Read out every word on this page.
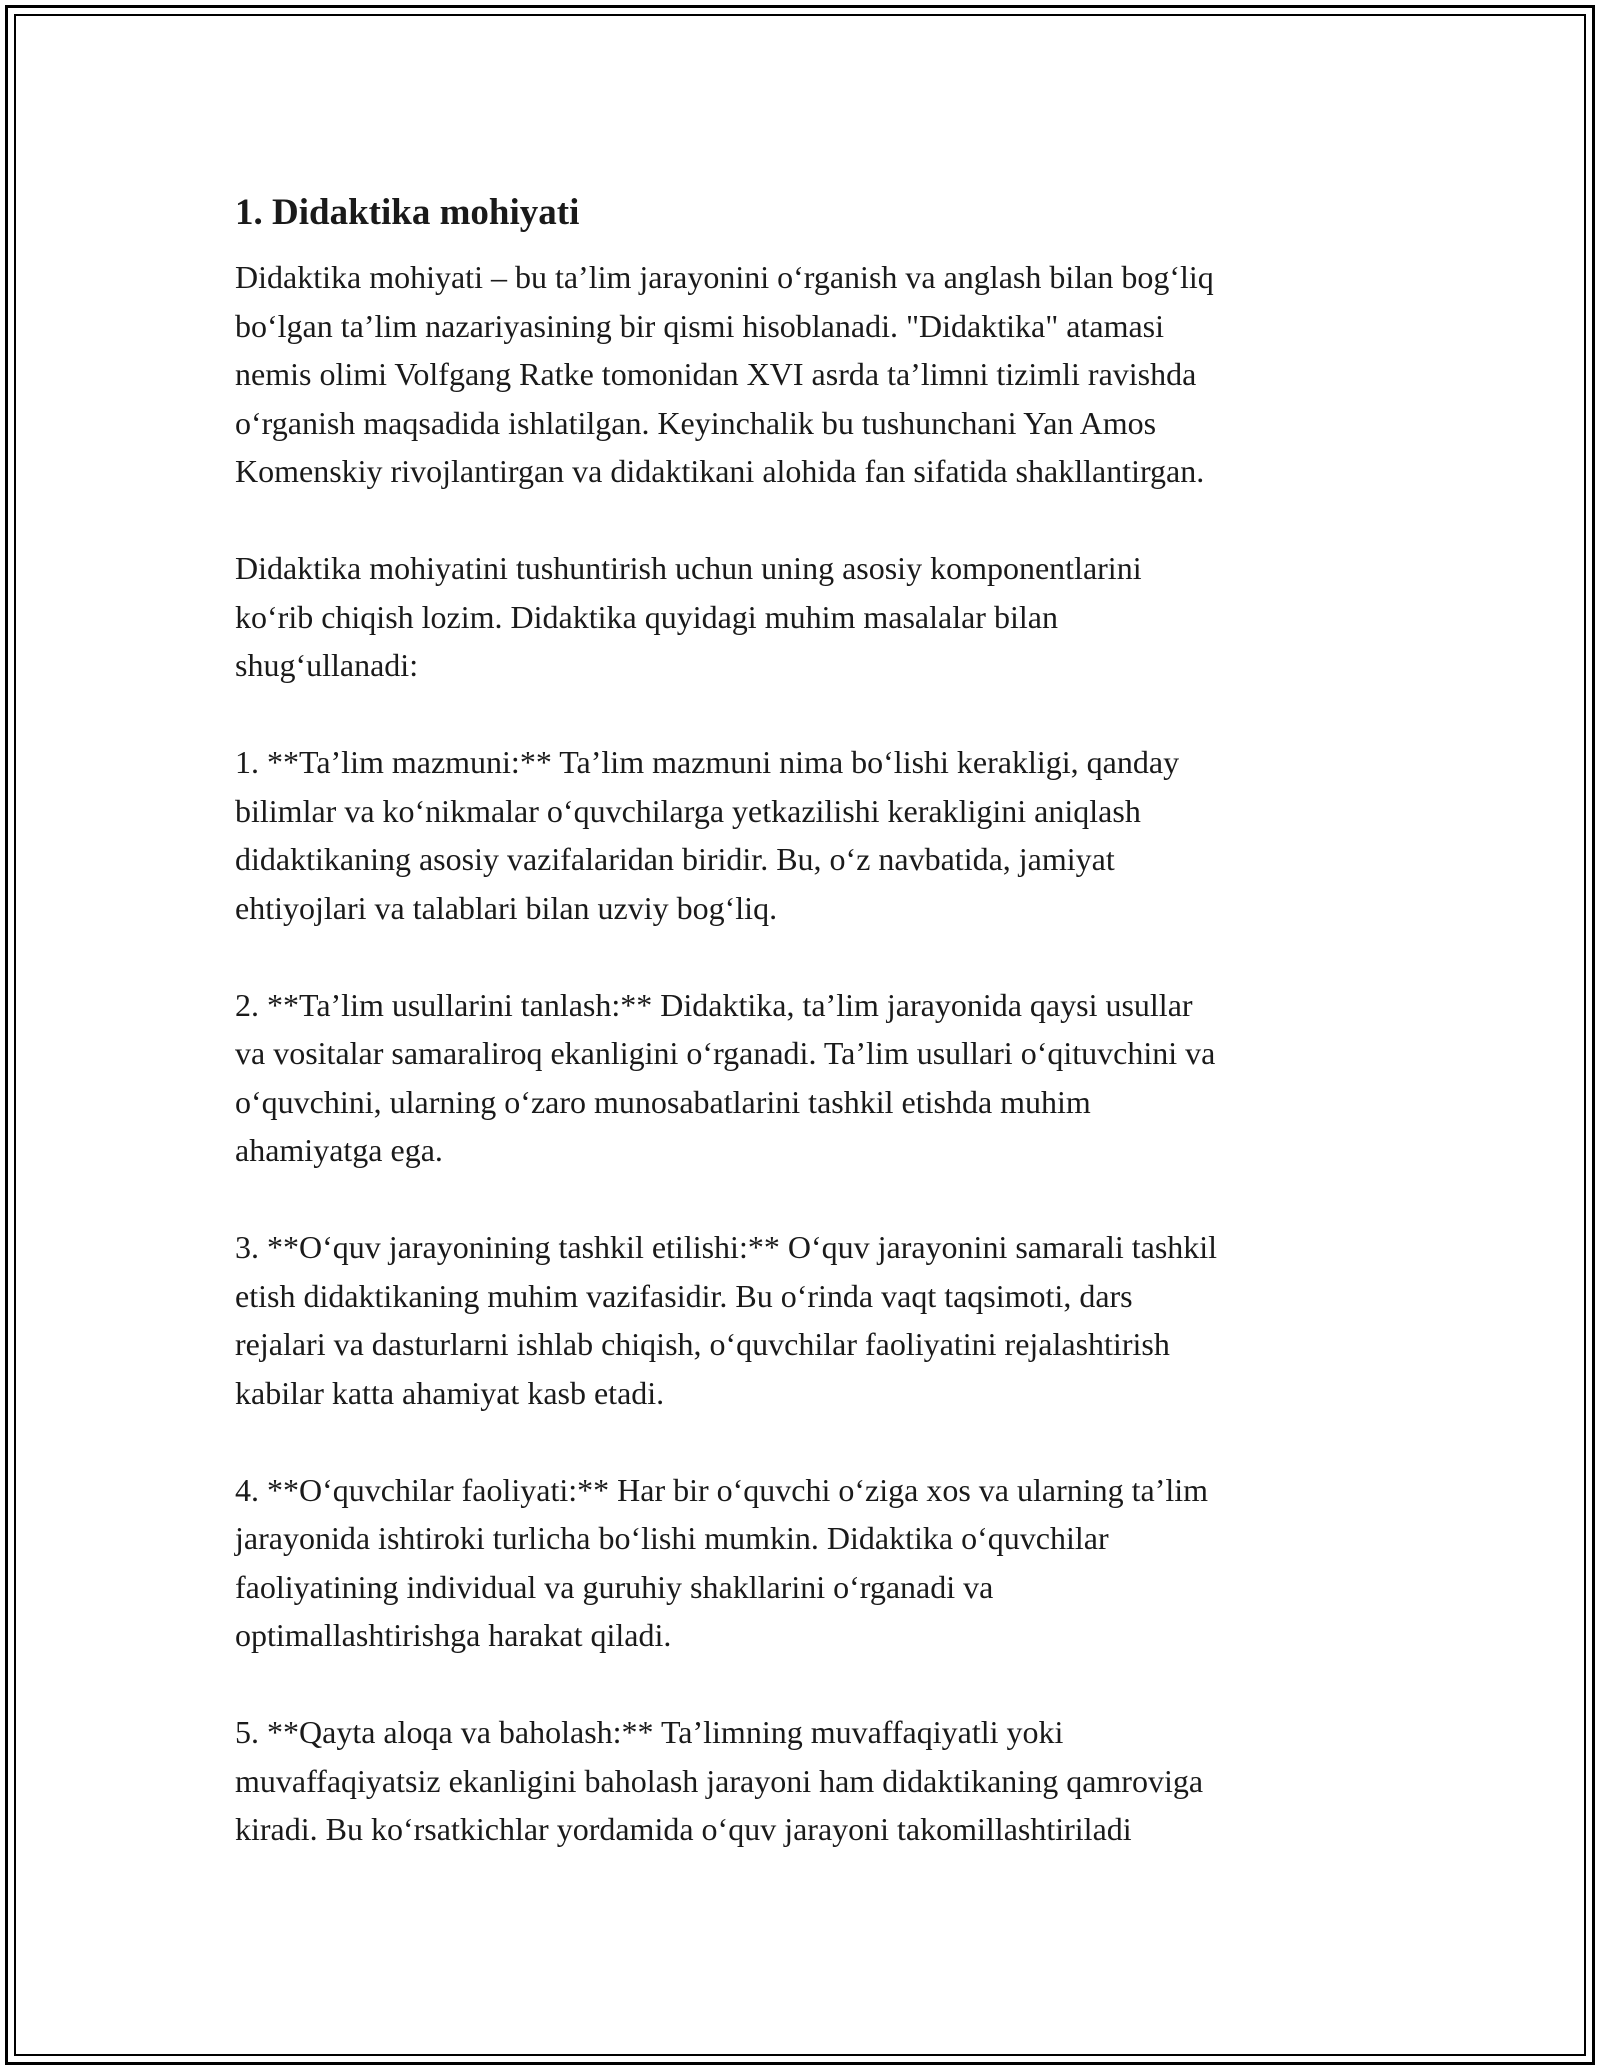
1. Didaktika mohiyati

Didaktika mohiyati – bu ta’lim jarayonini o‘rganish va anglash bilan bog‘liq
bo‘lgan ta’lim nazariyasining bir qismi hisoblanadi. "Didaktika" atamasi
nemis olimi Volfgang Ratke tomonidan XVI asrda ta’limni tizimli ravishda
o‘rganish maqsadida ishlatilgan. Keyinchalik bu tushunchani Yan Amos
Komenskiy rivojlantirgan va didaktikani alohida fan sifatida shakllantirgan.

Didaktika mohiyatini tushuntirish uchun uning asosiy komponentlarini
ko‘rib chiqish lozim. Didaktika quyidagi muhim masalalar bilan
shug‘ullanadi:

1. **Ta’lim mazmuni:** Ta’lim mazmuni nima bo‘lishi kerakligi, qanday
bilimlar va ko‘nikmalar o‘quvchilarga yetkazilishi kerakligini aniqlash
didaktikaning asosiy vazifalaridan biridir. Bu, o‘z navbatida, jamiyat
ehtiyojlari va talablari bilan uzviy bog‘liq.

2. **Ta’lim usullarini tanlash:** Didaktika, ta’lim jarayonida qaysi usullar
va vositalar samaraliroq ekanligini o‘rganadi. Ta’lim usullari o‘qituvchini va
o‘quvchini, ularning o‘zaro munosabatlarini tashkil etishda muhim
ahamiyatga ega.

3. **O‘quv jarayonining tashkil etilishi:** O‘quv jarayonini samarali tashkil
etish didaktikaning muhim vazifasidir. Bu o‘rinda vaqt taqsimoti, dars
rejalari va dasturlarni ishlab chiqish, o‘quvchilar faoliyatini rejalashtirish
kabilar katta ahamiyat kasb etadi.

4. **O‘quvchilar faoliyati:** Har bir o‘quvchi o‘ziga xos va ularning ta’lim
jarayonida ishtiroki turlicha bo‘lishi mumkin. Didaktika o‘quvchilar
faoliyatining individual va guruhiy shakllarini o‘rganadi va
optimallashtirishga harakat qiladi.

5. **Qayta aloqa va baholash:** Ta’limning muvaffaqiyatli yoki
muvaffaqiyatsiz ekanligini baholash jarayoni ham didaktikaning qamroviga
kiradi. Bu ko‘rsatkichlar yordamida o‘quv jarayoni takomillashtiriladi
